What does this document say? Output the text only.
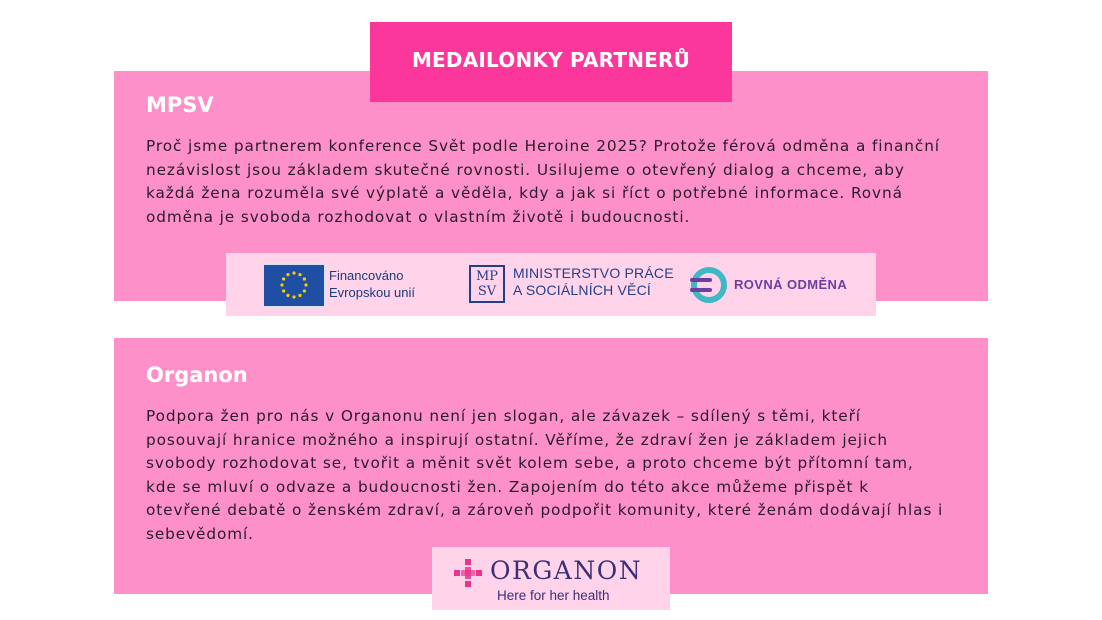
MEDAILONKY PARTNERŮ
MPSV

Proč jsme partnerem konference Svět podle Heroine 2025? Protože férová odměna a finanční nezávislost jsou základem skutečné rovnosti. Usilujeme o otevřený dialog a chceme, aby každá žena rozuměla své výplatě a věděla, kdy a jak si říct o potřebné informace. Rovná odměna je svoboda rozhodovat o vlastním životě i budoucnosti.

Financováno
Evropskou unií
MP
SV
MINISTERSTVO PRÁCE
A SOCIÁLNÍCH VĚCÍ	ROVNÁ ODMĚNA
Organon

Podpora žen pro nás v Organonu není jen slogan, ale závazek – sdílený s těmi, kteří posouvají hranice možného a inspirují ostatní. Věříme, že zdraví žen je základem jejich svobody rozhodovat se, tvořit a měnit svět kolem sebe, a proto chceme být přítomní tam, kde se mluví o odvaze a budoucnosti žen. Zapojením do této akce můžeme přispět k otevřené debatě o ženském zdraví, a zároveň podpořit komunity, které ženám dodávají hlas i sebevědomí.

ORGANON
Here for her health
